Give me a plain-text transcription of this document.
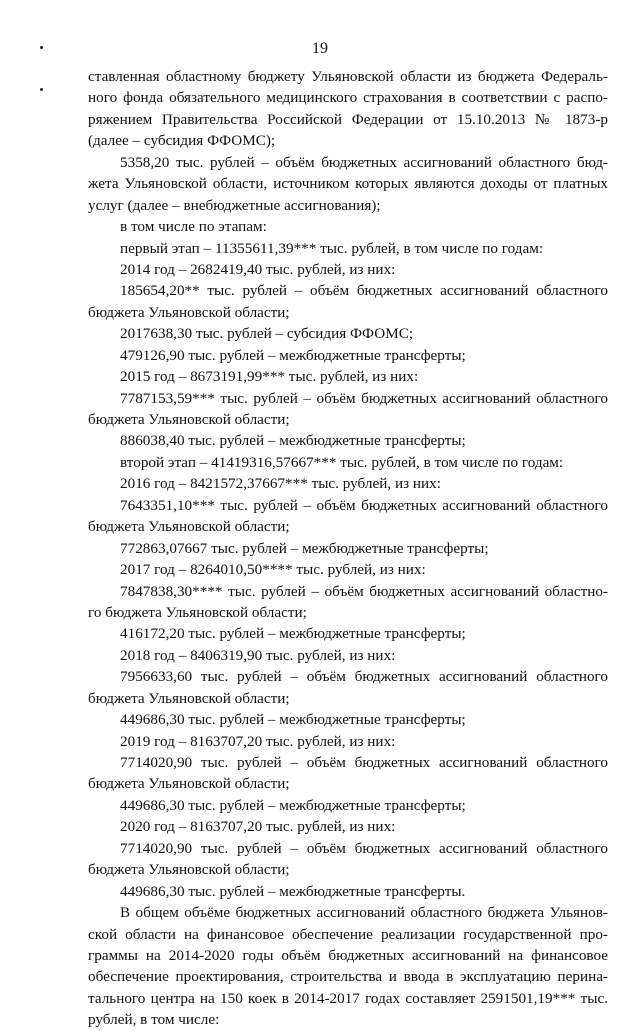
19
ставленная областному бюджету Ульяновской области из бюджета Федераль-
ного фонда обязательного медицинского страхования в соответствии с распо-
ряжением Правительства Российской Федерации от 15.10.2013 № 1873-р
(далее – субсидия ФФОМС);
5358,20 тыс. рублей – объём бюджетных ассигнований областного бюд-
жета Ульяновской области, источником которых являются доходы от платных
услуг (далее – внебюджетные ассигнования);
в том числе по этапам:
первый этап – 11355611,39*** тыс. рублей, в том числе по годам:
2014 год – 2682419,40 тыс. рублей, из них:
185654,20** тыс. рублей – объём бюджетных ассигнований областного
бюджета Ульяновской области;
2017638,30 тыс. рублей – субсидия ФФОМС;
479126,90 тыс. рублей – межбюджетные трансферты;
2015 год – 8673191,99*** тыс. рублей, из них:
7787153,59*** тыс. рублей – объём бюджетных ассигнований областного
бюджета Ульяновской области;
886038,40 тыс. рублей – межбюджетные трансферты;
второй этап – 41419316,57667*** тыс. рублей, в том числе по годам:
2016 год – 8421572,37667*** тыс. рублей, из них:
7643351,10*** тыс. рублей – объём бюджетных ассигнований областного
бюджета Ульяновской области;
772863,07667 тыс. рублей – межбюджетные трансферты;
2017 год – 8264010,50**** тыс. рублей, из них:
7847838,30**** тыс. рублей – объём бюджетных ассигнований областно-
го бюджета Ульяновской области;
416172,20 тыс. рублей – межбюджетные трансферты;
2018 год – 8406319,90 тыс. рублей, из них:
7956633,60 тыс. рублей – объём бюджетных ассигнований областного
бюджета Ульяновской области;
449686,30 тыс. рублей – межбюджетные трансферты;
2019 год – 8163707,20 тыс. рублей, из них:
7714020,90 тыс. рублей – объём бюджетных ассигнований областного
бюджета Ульяновской области;
449686,30 тыс. рублей – межбюджетные трансферты;
2020 год – 8163707,20 тыс. рублей, из них:
7714020,90 тыс. рублей – объём бюджетных ассигнований областного
бюджета Ульяновской области;
449686,30 тыс. рублей – межбюджетные трансферты.
В общем объёме бюджетных ассигнований областного бюджета Ульянов-
ской области на финансовое обеспечение реализации государственной про-
граммы на 2014-2020 годы объём бюджетных ассигнований на финансовое
обеспечение проектирования, строительства и ввода в эксплуатацию перина-
тального центра на 150 коек в 2014-2017 годах составляет 2591501,19*** тыс.
рублей, в том числе:
